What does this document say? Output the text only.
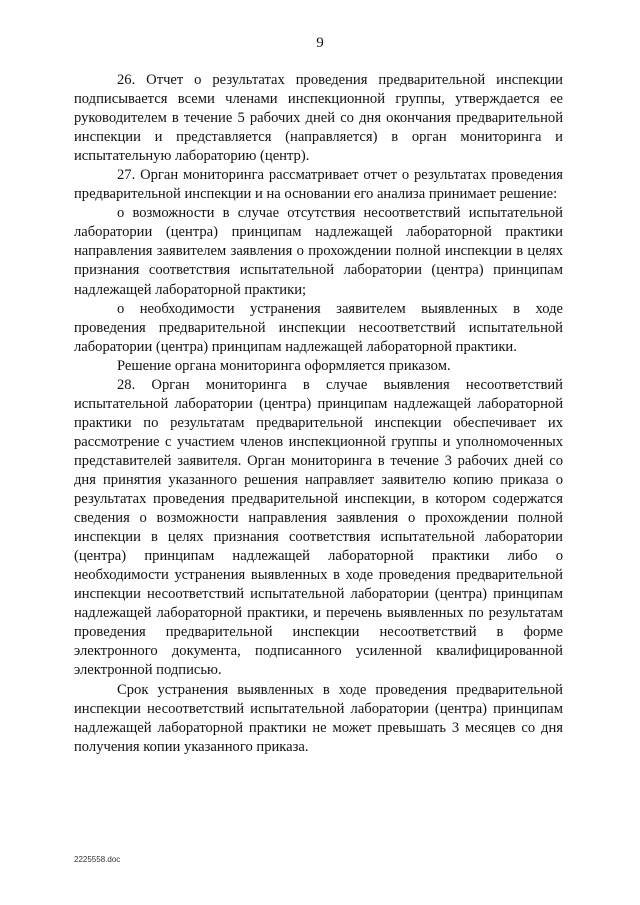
9

26. Отчет о результатах проведения предварительной инспекции подписывается всеми членами инспекционной группы, утверждается ее руководителем в течение 5 рабочих дней со дня окончания предварительной инспекции и представляется (направляется) в орган мониторинга и испытательную лабораторию (центр).

27. Орган мониторинга рассматривает отчет о результатах проведения предварительной инспекции и на основании его анализа принимает решение:

о возможности в случае отсутствия несоответствий испытательной лаборатории (центра) принципам надлежащей лабораторной практики направления заявителем заявления о прохождении полной инспекции в целях признания соответствия испытательной лаборатории (центра) принципам надлежащей лабораторной практики;

о необходимости устранения заявителем выявленных в ходе проведения предварительной инспекции несоответствий испытательной лаборатории (центра) принципам надлежащей лабораторной практики.

Решение органа мониторинга оформляется приказом.

28. Орган мониторинга в случае выявления несоответствий испытательной лаборатории (центра) принципам надлежащей лабораторной практики по результатам предварительной инспекции обеспечивает их рассмотрение с участием членов инспекционной группы и уполномоченных представителей заявителя. Орган мониторинга в течение 3 рабочих дней со дня принятия указанного решения направляет заявителю копию приказа о результатах проведения предварительной инспекции, в котором содержатся сведения о возможности направления заявления о прохождении полной инспекции в целях признания соответствия испытательной лаборатории (центра) принципам надлежащей лабораторной практики либо о необходимости устранения выявленных в ходе проведения предварительной инспекции несоответствий испытательной лаборатории (центра) принципам надлежащей лабораторной практики, и перечень выявленных по результатам проведения предварительной инспекции несоответствий в форме электронного документа, подписанного усиленной квалифицированной электронной подписью.

Срок устранения выявленных в ходе проведения предварительной инспекции несоответствий испытательной лаборатории (центра) принципам надлежащей лабораторной практики не может превышать 3 месяцев со дня получения копии указанного приказа.

2225558.doc
